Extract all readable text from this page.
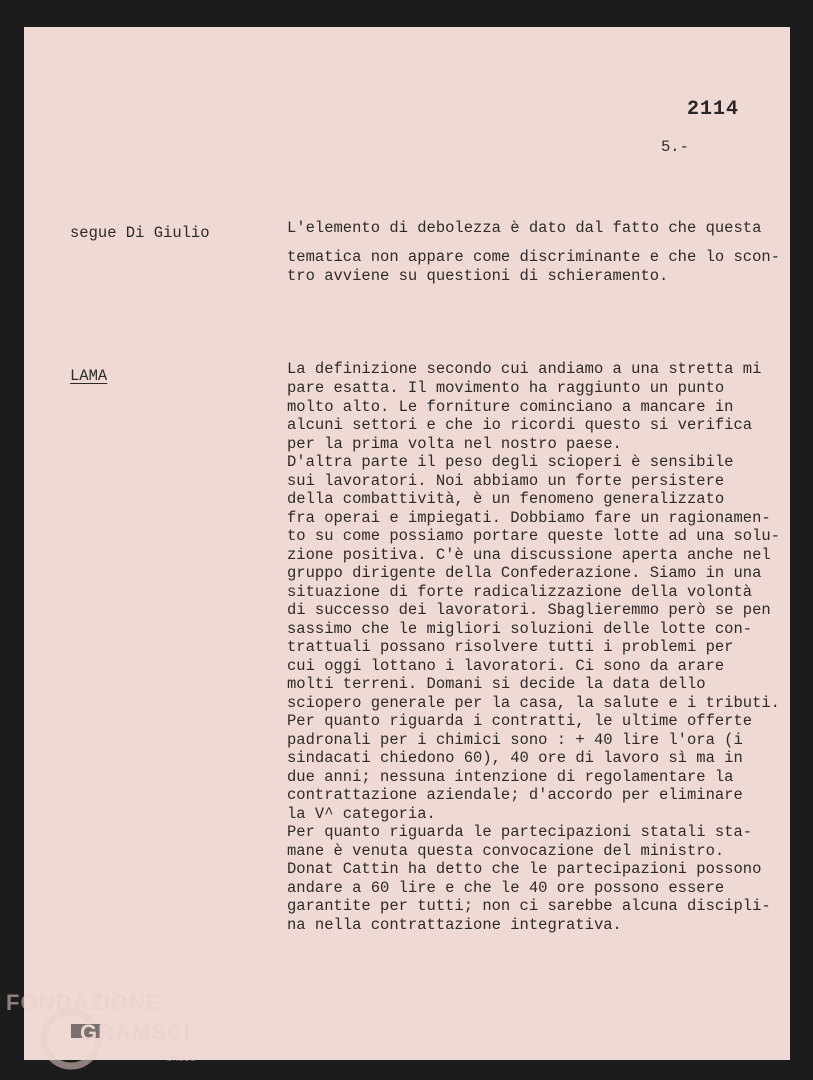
2114
5.-
segue Di Giulio	L'elemento di debolezza è dato dal fatto che questa
tematica non appare come discriminante e che lo scon-
tro avviene su questioni di schieramento.
LAMA	La definizione secondo cui andiamo a una stretta mi
pare esatta. Il movimento ha raggiunto un punto
molto alto. Le forniture cominciano a mancare in
alcuni settori e che io ricordi questo si verifica
per la prima volta nel nostro paese.
D'altra parte il peso degli scioperi è sensibile
sui lavoratori. Noi abbiamo un forte persistere
della combattività, è un fenomeno generalizzato
fra operai e impiegati. Dobbiamo fare un ragionamen-
to su come possiamo portare queste lotte ad una solu-
zione positiva. C'è una discussione aperta anche nel
gruppo dirigente della Confederazione. Siamo in una
situazione di forte radicalizzazione della volontà
di successo dei lavoratori. Sbaglieremmo però se pen
sassimo che le migliori soluzioni delle lotte con-
trattuali possano risolvere tutti i problemi per
cui oggi lottano i lavoratori. Ci sono da arare
molti terreni. Domani si decide la data dello
sciopero generale per la casa, la salute e i tributi.
Per quanto riguarda i contratti, le ultime offerte
padronali per i chimici sono : + 40 lire l'ora (i
sindacati chiedono 60), 40 ore di lavoro sì ma in
due anni; nessuna intenzione di regolamentare la
contrattazione aziendale; d'accordo per eliminare
la V^ categoria.
Per quanto riguarda le partecipazioni statali sta-
mane è venuta questa convocazione del ministro.
Donat Cattin ha detto che le partecipazioni possono
andare a 60 lire e che le 40 ore possono essere
garantite per tutti; non ci sarebbe alcuna discipli-
na nella contrattazione integrativa.
FONDAZIONE
GRAMSCI
ONLUS
